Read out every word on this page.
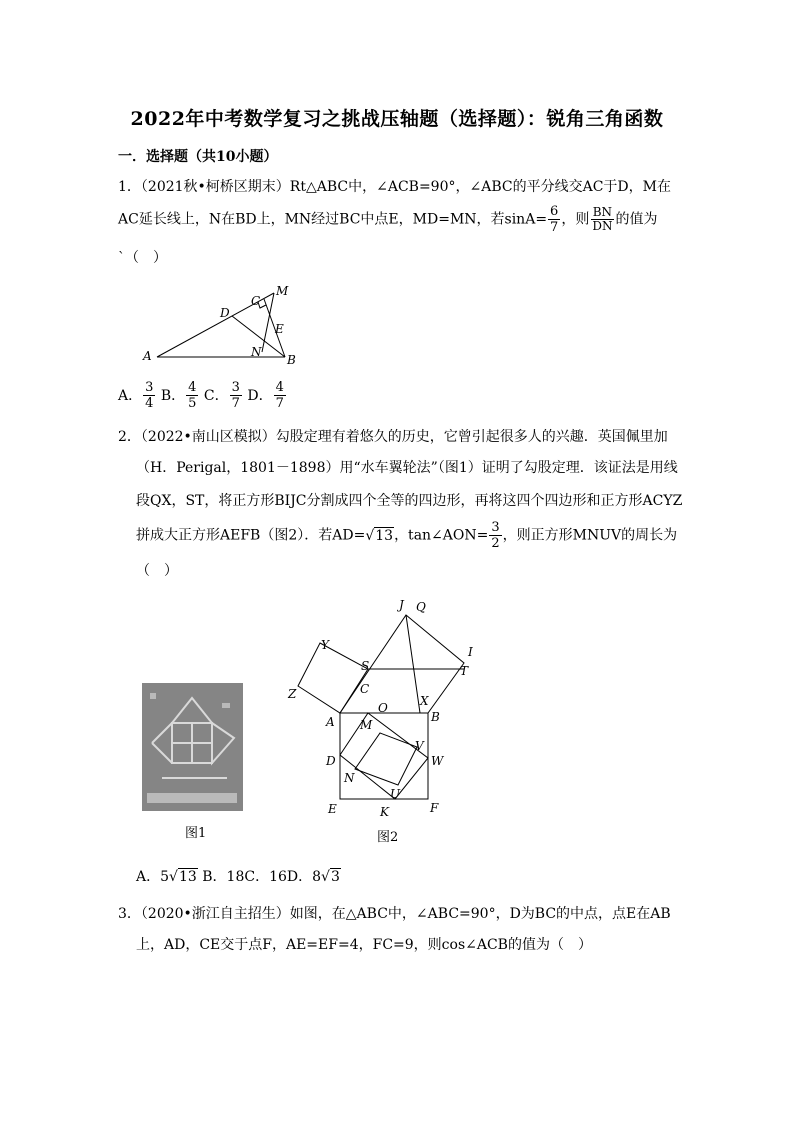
2022年中考数学复习之挑战压轴题（选择题）：锐角三角函数
一．选择题（共10小题）
1．（2021秋•柯桥区期末）Rt△ABC中，∠ACB=90°，∠ABC的平分线交AC于D，M在
AC延长线上，N在BD上，MN经过BC中点E，MD=MN，若$\sin A= \frac{6}{7}$ ，则 $\frac{BN}{DN}$ 的值为
`（　）
A	B
C
D
M
N
E
A． $\frac{3}{4}$ B． $\frac{4}{5}$ C． $\frac{3}{7}$ D． $\frac{4}{7}$
2．（2022•南山区模拟）勾股定理有着悠久的历史，它曾引起很多人的兴趣．英国佩里加
（H．Perigal，1801－1898）用“水车翼轮法”（图1）证明了勾股定理．该证法是用线
段QX，ST，将正方形BIJC分割成四个全等的四边形，再将这四个四边形和正方形ACYZ
拼成大正方形AEFB（图2）．若AD=√13，tan∠AON= $\frac{3}{2}$ ，则正方形MNUV的周长为
（　）
图1
J Q
I
T
Y
S
Z	C
X
A	B
O
M
V
W
D
N
U
E	K	F
图2
A．5√13 B．18C．16D．8√3
3．（2020•浙江自主招生）如图，在△ABC中，∠ABC=90°，D为BC的中点，点E在AB
上，AD，CE交于点F，AE=EF=4，FC=9，则cos∠ACB的值为（　）
